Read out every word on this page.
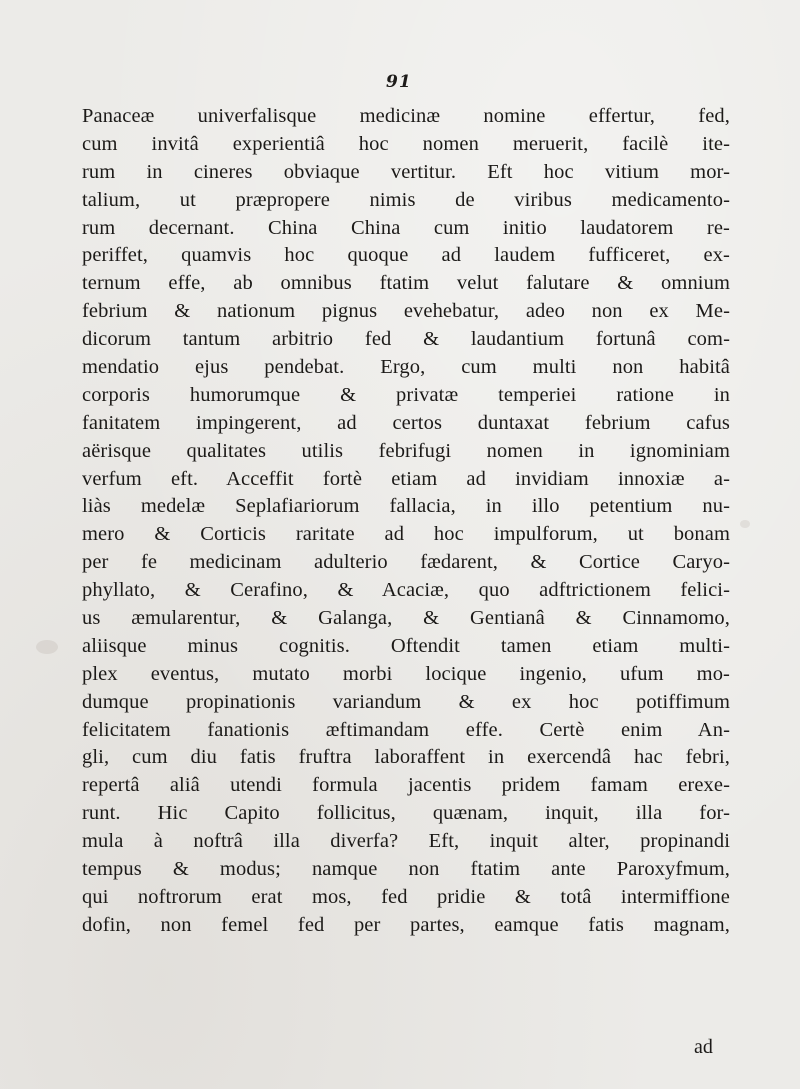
91
Panaceæ univerfalisque medicinæ nomine effertur, fed,
cum invitâ experientiâ hoc nomen meruerit, facilè ite-
rum in cineres obviaque vertitur. Eft hoc vitium mor-
talium, ut præpropere nimis de viribus medicamento-
rum decernant. China China cum initio laudatorem re-
periffet, quamvis hoc quoque ad laudem fufficeret, ex-
ternum effe, ab omnibus ftatim velut falutare & omnium
febrium & nationum pignus evehebatur, adeo non ex Me-
dicorum tantum arbitrio fed & laudantium fortunâ com-
mendatio ejus pendebat. Ergo, cum multi non habitâ
corporis humorumque & privatæ temperiei ratione in
fanitatem impingerent, ad certos duntaxat febrium cafus
aërisque qualitates utilis febrifugi nomen in ignominiam
verfum eft. Acceffit fortè etiam ad invidiam innoxiæ a-
liàs medelæ Seplafiariorum fallacia, in illo petentium nu-
mero & Corticis raritate ad hoc impulforum, ut bonam
per fe medicinam adulterio fædarent, & Cortice Caryo-
phyllato, & Cerafino, & Acaciæ, quo adftrictionem felici-
us æmularentur, & Galanga, & Gentianâ & Cinnamomo,
aliisque minus cognitis. Oftendit tamen etiam multi-
plex eventus, mutato morbi locique ingenio, ufum mo-
dumque propinationis variandum & ex hoc potiffimum
felicitatem fanationis æftimandam effe. Certè enim An-
gli, cum diu fatis fruftra laboraffent in exercendâ hac febri,
repertâ aliâ utendi formula jacentis pridem famam erexe-
runt. Hic Capito follicitus, quænam, inquit, illa for-
mula à noftrâ illa diverfa? Eft, inquit alter, propinandi
tempus & modus; namque non ftatim ante Paroxyfmum,
qui noftrorum erat mos, fed pridie & totâ intermiffione
dofin, non femel fed per partes, eamque fatis magnam,
ad
